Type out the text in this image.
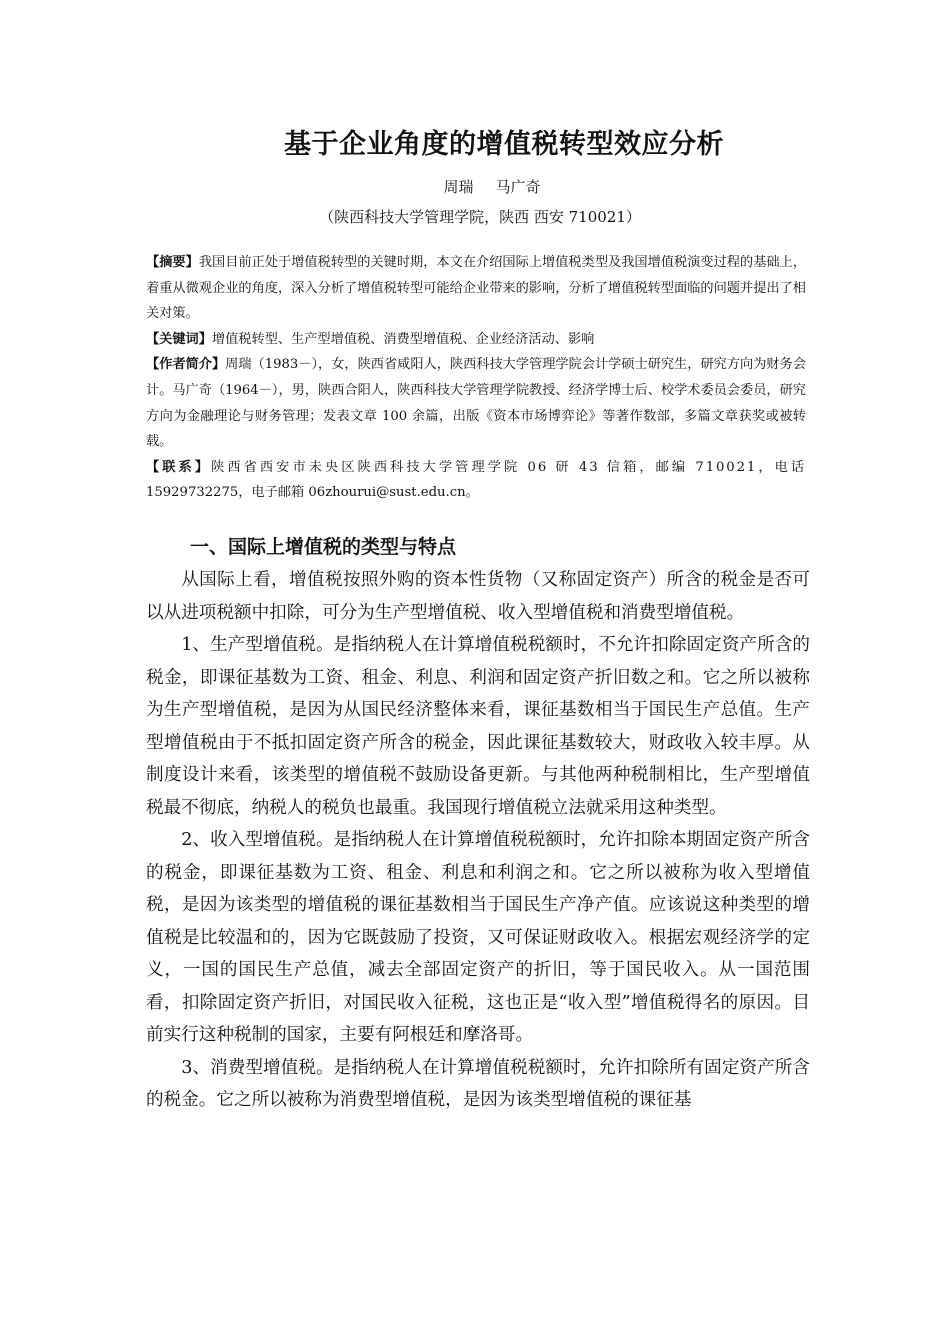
基于企业角度的增值税转型效应分析
周瑞 马广奇
（陕西科技大学管理学院，陕西 西安 710021）

【摘要】我国目前正处于增值税转型的关键时期，本文在介绍国际上增值税类型及我国增值税演变过程的基础上，着重从微观企业的角度，深入分析了增值税转型可能给企业带来的影响，分析了增值税转型面临的问题并提出了相关对策。

【关键词】增值税转型、生产型增值税、消费型增值税、企业经济活动、影响

【作者简介】周瑞（1983－），女，陕西省咸阳人，陕西科技大学管理学院会计学硕士研究生，研究方向为财务会计。马广奇（1964－），男，陕西合阳人，陕西科技大学管理学院教授、经济学博士后、校学术委员会委员，研究方向为金融理论与财务管理；发表文章 100 余篇，出版《资本市场博弈论》等著作数部，多篇文章获奖或被转载。

【联系】陕西省西安市未央区陕西科技大学管理学院 06 研 43 信箱，邮编 710021，电话

15929732275，电子邮箱 06zhourui@sust.edu.cn。

一、国际上增值税的类型与特点

从国际上看，增值税按照外购的资本性货物（又称固定资产）所含的税金是否可以从进项税额中扣除，可分为生产型增值税、收入型增值税和消费型增值税。

1、生产型增值税。是指纳税人在计算增值税税额时，不允许扣除固定资产所含的税金，即课征基数为工资、租金、利息、利润和固定资产折旧数之和。它之所以被称为生产型增值税，是因为从国民经济整体来看，课征基数相当于国民生产总值。生产型增值税由于不抵扣固定资产所含的税金，因此课征基数较大，财政收入较丰厚。从制度设计来看，该类型的增值税不鼓励设备更新。与其他两种税制相比，生产型增值税最不彻底，纳税人的税负也最重。我国现行增值税立法就采用这种类型。

2、收入型增值税。是指纳税人在计算增值税税额时，允许扣除本期固定资产所含的税金，即课征基数为工资、租金、利息和利润之和。它之所以被称为收入型增值税，是因为该类型的增值税的课征基数相当于国民生产净产值。应该说这种类型的增值税是比较温和的，因为它既鼓励了投资，又可保证财政收入。根据宏观经济学的定义，一国的国民生产总值，减去全部固定资产的折旧，等于国民收入。从一国范围看，扣除固定资产折旧，对国民收入征税，这也正是“收入型”增值税得名的原因。目前实行这种税制的国家，主要有阿根廷和摩洛哥。

3、消费型增值税。是指纳税人在计算增值税税额时，允许扣除所有固定资产所含的税金。它之所以被称为消费型增值税，是因为该类型增值税的课征基
